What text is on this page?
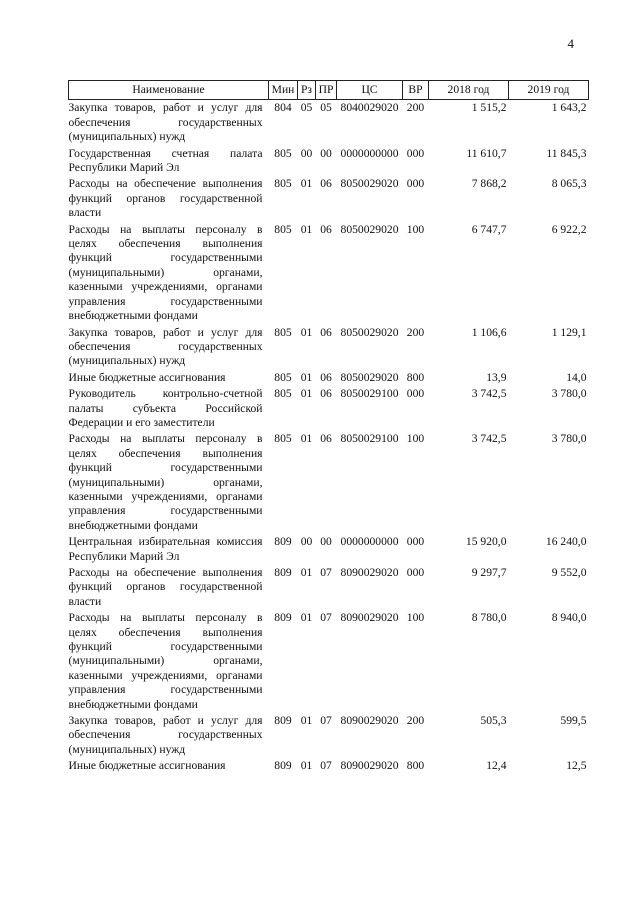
4
Наименование	Мин	Рз	ПР	ЦС	ВР	2018 год	2019 год
Закупка товаров, работ и услуг для обеспечения государственных (муниципальных) нужд	804	05	05	8040029020	200	1 515,2	1 643,2
Государственная счетная палата Республики Марий Эл	805	00	00	0000000000	000	11 610,7	11 845,3
Расходы на обеспечение выполнения функций органов государственной власти	805	01	06	8050029020	000	7 868,2	8 065,3
Расходы на выплаты персоналу в целях обеспечения выполнения функций государственными (муниципальными) органами, казенными учреждениями, органами управления государственными внебюджетными фондами	805	01	06	8050029020	100	6 747,7	6 922,2
Закупка товаров, работ и услуг для обеспечения государственных (муниципальных) нужд	805	01	06	8050029020	200	1 106,6	1 129,1
Иные бюджетные ассигнования	805	01	06	8050029020	800	13,9	14,0
Руководитель контрольно-счетной палаты субъекта Российской Федерации и его заместители	805	01	06	8050029100	000	3 742,5	3 780,0
Расходы на выплаты персоналу в целях обеспечения выполнения функций государственными (муниципальными) органами, казенными учреждениями, органами управления государственными внебюджетными фондами	805	01	06	8050029100	100	3 742,5	3 780,0
Центральная избирательная комиссия Республики Марий Эл	809	00	00	0000000000	000	15 920,0	16 240,0
Расходы на обеспечение выполнения функций органов государственной власти	809	01	07	8090029020	000	9 297,7	9 552,0
Расходы на выплаты персоналу в целях обеспечения выполнения функций государственными (муниципальными) органами, казенными учреждениями, органами управления государственными внебюджетными фондами	809	01	07	8090029020	100	8 780,0	8 940,0
Закупка товаров, работ и услуг для обеспечения государственных (муниципальных) нужд	809	01	07	8090029020	200	505,3	599,5
Иные бюджетные ассигнования	809	01	07	8090029020	800	12,4	12,5
